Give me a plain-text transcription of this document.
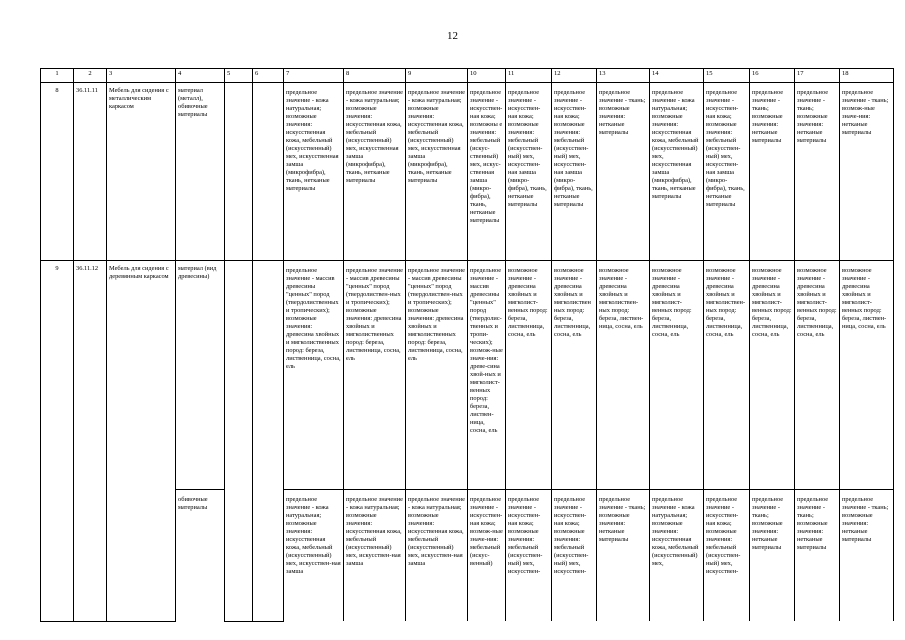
12
1	2	3	4	5	6	7	8	9	10	11	12	13	14	15	16	17	18
8	36.11.11	Мебель для сидения с металлическим каркасом	материал (металл), обивочные материалы			предельное значение - кожа натуральная; возможные значения: искусственная кожа, мебельный (искусственный) мех, искусственная замша (микрофибра), ткань, нетканые материалы	предельное значение - кожа натуральная; возможные значения: искусственная кожа, мебельный (искусственный) мех, искусственная замша (микрофибра), ткань, нетканые материалы	предельное значение - кожа натуральная; возможные значения: искусственная кожа, мебельный (искусственный) мех, искусственная замша (микрофибра), ткань, нетканые материалы	предельное значение - искусствен-ная кожа; возможны е значения: мебельный (искус-ственный) мех, искус-ственная замша (микро-фибра), ткань, нетканые материалы	предельное значение - искусствен-ная кожа; возможные значения: мебельный (искусствен-ный) мех, искусствен-ная замша (микро-фибра), ткань, нетканые материалы	предельное значение - искусствен-ная кожа; возможные значения: мебельный (искусствен-ный) мех, искусствен-ная замша (микро-фибра), ткань, нетканые материалы	предельное значение - ткань; возможные значения: нетканые материалы	предельное значение - кожа натуральная; возможные значения: искусственная кожа, мебельный (искусственный) мех, искусственная замша (микрофибра), ткань, нетканые материалы	предельное значение - искусствен-ная кожа; возможные значения: мебельный (искусствен-ный) мех, искусствен-ная замша (микро-фибра), ткань, нетканые материалы	предельное значение - ткань; возможные значения: нетканые материалы	предельное значение - ткань; возможные значения: нетканые материалы	предельное значение - ткань; возмож-ные значе-ния: нетканые материалы

9	36.11.12	Мебель для сидения с деревянным каркасом	материал (вид древесины)			предельное значение - массив древесины "ценных" пород (твердолиственных и тропических); возможные значения: древесина хвойных и мягколиственных пород: береза, лиственница, сосна, ель	предельное значение - массив древесины "ценных" пород (твердолиствен-ных и тропических); возможные значения: древесина хвойных и мягколиственных пород: береза, лиственница, сосна, ель	предельное значение - массив древесины "ценных" пород (твердолиствен-ных и тропических); возможные значения: древесина хвойных и мягколиственных пород: береза, лиственница, сосна, ель	предельное значение - массив древесины "ценных" пород (твердолис-твенных и тропи-ческих); возмож-ные значе-ния: древе-сина хвой-ных и мягколист-венных пород: береза, листвен-ница, сосна, ель	возможное значение - древесина хвойных и мягколист-венных пород: береза, лиственница, сосна, ель	возможное значение - древесина хвойных и мягколиственных пород: береза, лиственница, сосна, ель	возможное значение - древесина хвойных и мягколиствен-ных пород: береза, листвен-ница, сосна, ель	возможное значение - древесина хвойных и мягколист-венных пород: береза, лиственница, сосна, ель	возможное значение - древесина хвойных и мягколиствен-ных пород: береза, лиственница, сосна, ель	возможное значение - древесина хвойных и мягколист-венных пород: береза, лиственница, сосна, ель	возможное значение - древесина хвойных и мягколист-венных пород: береза, лиственница, сосна, ель	возможное значение - древесина хвойных и мягколист-венных пород: береза, листвен-ница, сосна, ель

			обивочные материалы			предельное значение - кожа натуральная; возможные значения: искусственная кожа, мебельный (искусственный) мех, искусствен-ная замша	предельное значение - кожа натуральная; возможные значения: искусственная кожа, мебельный (искусственный) мех, искусствен-ная замша	предельное значение - кожа натуральная; возможные значения: искусственная кожа, мебельный (искусственный) мех, искусствен-ная замша	предельное значение - искусствен-ная кожа; возмож-ные значе-ния: мебельный (искус-венный)	предельное значение - искусствен-ная кожа; возможные значения: мебельный (искусствен-ный) мех, искусствен-	предельное значение - искусствен-ная кожа; возможные значения: мебельный (искусствен-ный) мех, искусствен-	предельное значение - ткань; возможные значения: нетканые материалы	предельное значение - кожа натуральная; возможные значения: искусственная кожа, мебельный (искусственный) мех,	предельное значение - искусствен-ная кожа; возможные значения: мебельный (искусствен-ный) мех, искусствен-	предельное значение - ткань; возможные значения: нетканые материалы	предельное значение - ткань; возможные значения: нетканые материалы	предельное значение - ткань; возможные значения: нетканые материалы
